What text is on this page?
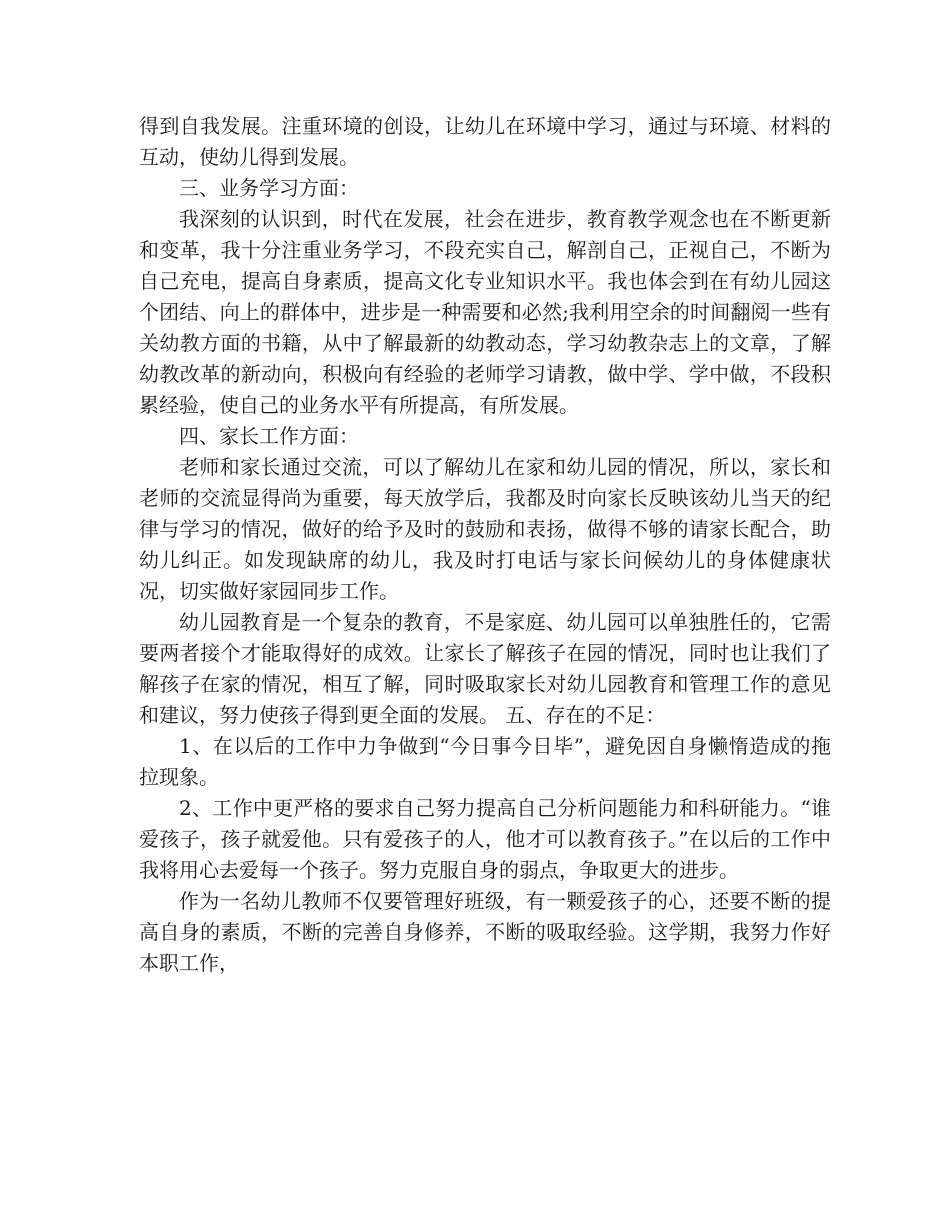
得到自我发展。注重环境的创设，让幼儿在环境中学习，通过与环境、材料的互动，使幼儿得到发展。

三、业务学习方面：

我深刻的认识到，时代在发展，社会在进步，教育教学观念也在不断更新和变革，我十分注重业务学习，不段充实自己，解剖自己，正视自己，不断为自己充电，提高自身素质，提高文化专业知识水平。我也体会到在有幼儿园这个团结、向上的群体中，进步是一种需要和必然;我利用空余的时间翻阅一些有关幼教方面的书籍，从中了解最新的幼教动态，学习幼教杂志上的文章，了解幼教改革的新动向，积极向有经验的老师学习请教，做中学、学中做，不段积累经验，使自己的业务水平有所提高，有所发展。

四、家长工作方面：

老师和家长通过交流，可以了解幼儿在家和幼儿园的情况，所以，家长和老师的交流显得尚为重要，每天放学后，我都及时向家长反映该幼儿当天的纪律与学习的情况，做好的给予及时的鼓励和表扬，做得不够的请家长配合，助幼儿纠正。如发现缺席的幼儿，我及时打电话与家长问候幼儿的身体健康状况，切实做好家园同步工作。

幼儿园教育是一个复杂的教育，不是家庭、幼儿园可以单独胜任的，它需要两者接个才能取得好的成效。让家长了解孩子在园的情况，同时也让我们了解孩子在家的情况，相互了解，同时吸取家长对幼儿园教育和管理工作的意见和建议，努力使孩子得到更全面的发展。 五、存在的不足：

1、在以后的工作中力争做到“今日事今日毕”，避免因自身懒惰造成的拖拉现象。

2、工作中更严格的要求自己努力提高自己分析问题能力和科研能力。“谁爱孩子，孩子就爱他。只有爱孩子的人，他才可以教育孩子。”在以后的工作中我将用心去爱每一个孩子。努力克服自身的弱点，争取更大的进步。

作为一名幼儿教师不仅要管理好班级，有一颗爱孩子的心，还要不断的提高自身的素质，不断的完善自身修养，不断的吸取经验。这学期，我努力作好本职工作，
